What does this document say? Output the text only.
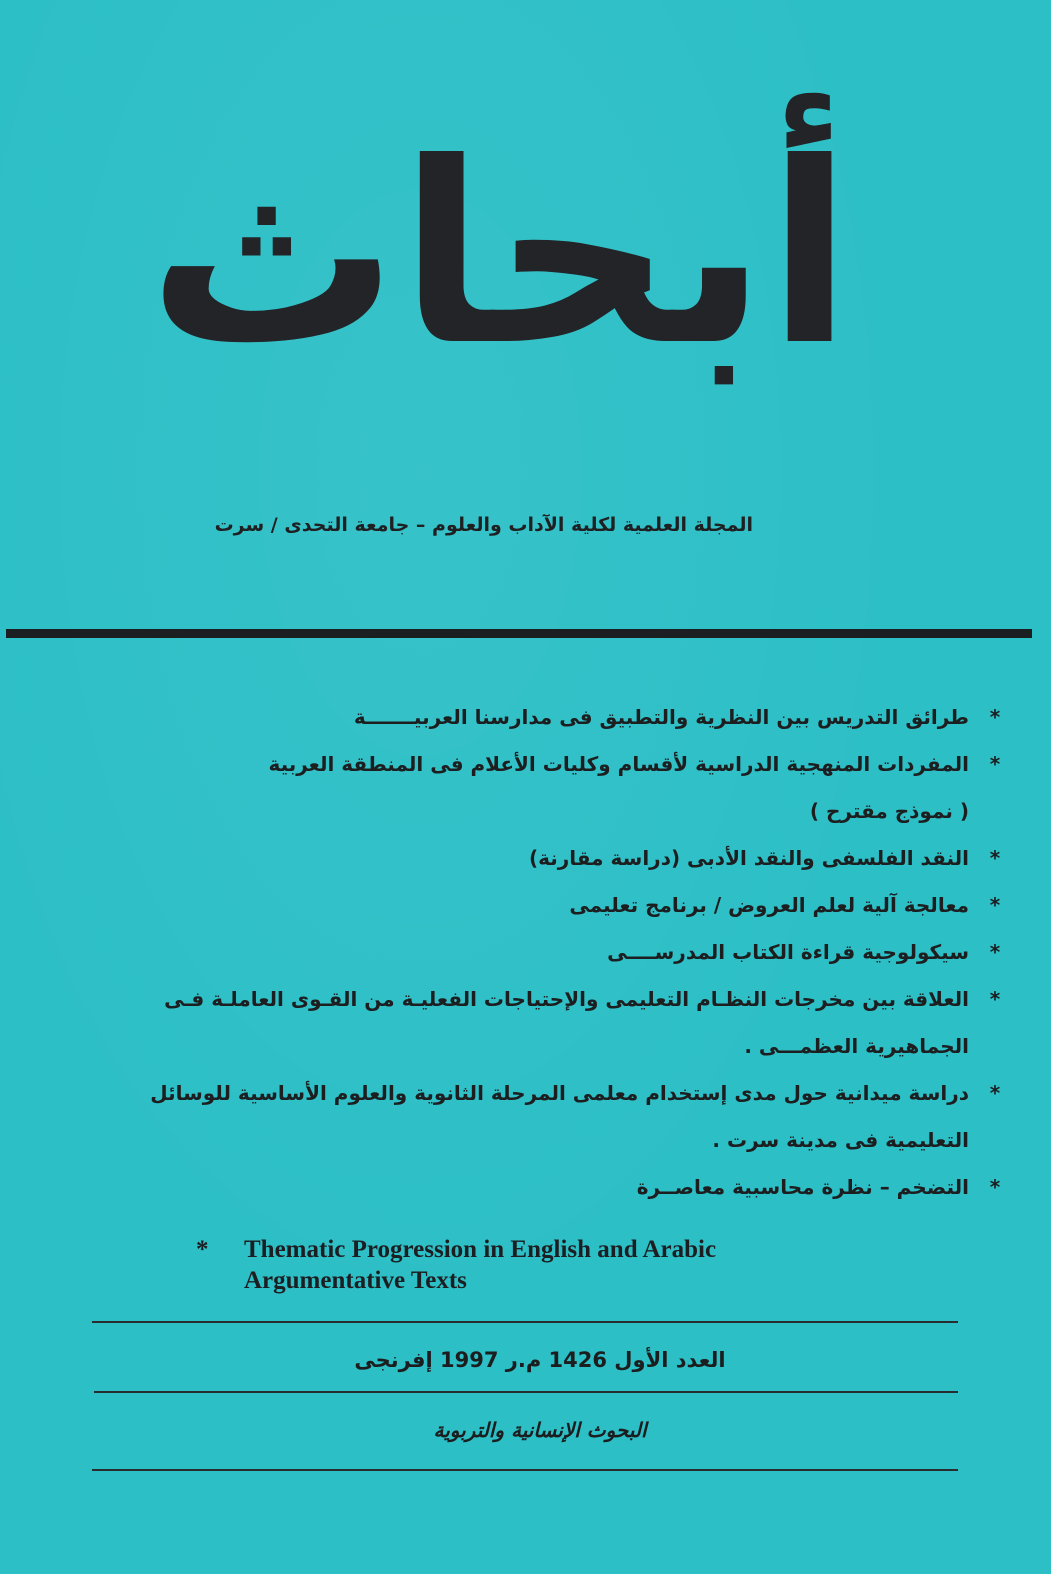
أبحاث
المجلة العلمية لكلية الآداب والعلوم – جامعة التحدى / سرت
*
طرائق التدريس بين النظرية والتطبيق فى مدارسنا العربيـــــــة
*
المفردات المنهجية الدراسية لأقسام وكليات الأعلام فى المنطقة العربية
( نموذج مقترح )
*
النقد الفلسفى والنقد الأدبى (دراسة مقارنة)
*
معالجة آلية لعلم العروض / برنامج تعليمى
*
سيكولوجية قراءة الكتاب المدرســــى
*
العلاقة بين مخرجات النظـام التعليمى والإحتياجات الفعليـة من القـوى العاملـة فـى
الجماهيرية العظمـــى .
*
دراسة ميدانية حول مدى إستخدام معلمى المرحلة الثانوية والعلوم الأساسية للوسائل
التعليمية فى مدينة سرت .
*
التضخم – نظرة محاسبية معاصــرة
* Thematic Progression in English and Arabic
Argumentative Texts
العدد الأول 1426 م.ر 1997 إفرنجى
البحوث الإنسانية والتربوية
